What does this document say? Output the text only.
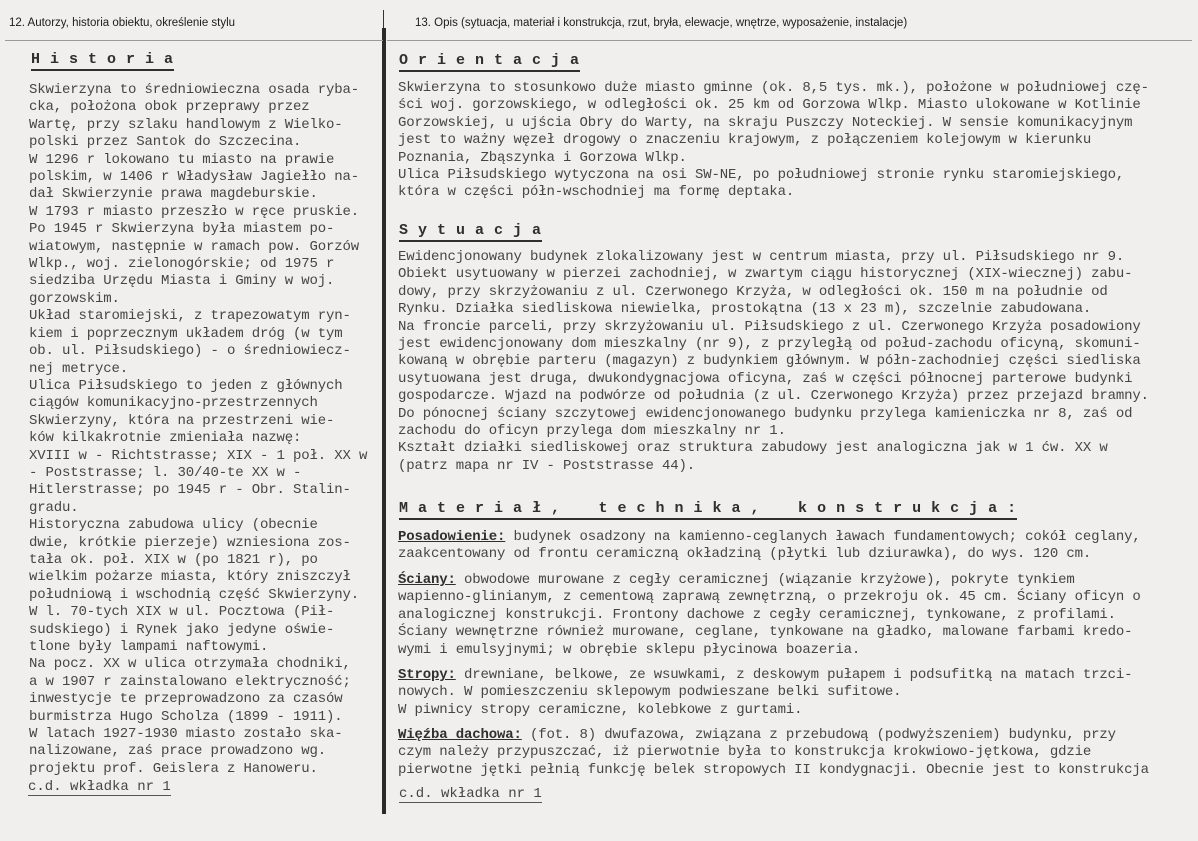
12. Autorzy, historia obiektu, określenie stylu	13. Opis (sytuacja, materiał i konstrukcja, rzut, bryła, elewacje, wnętrze, wyposażenie, instalacje)
H i s t o r i a
Skwierzyna to średniowieczna osada ryba-
cka, położona obok przeprawy przez
Wartę, przy szlaku handlowym z Wielko-
polski przez Santok do Szczecina.
W 1296 r lokowano tu miasto na prawie
polskim, w 1406 r Władysław Jagiełło na-
dał Skwierzynie prawa magdeburskie.
W 1793 r miasto przeszło w ręce pruskie.
Po 1945 r Skwierzyna była miastem po-
wiatowym, następnie w ramach pow. Gorzów
Wlkp., woj. zielonogórskie; od 1975 r
siedziba Urzędu Miasta i Gminy w woj.
gorzowskim.
Układ staromiejski, z trapezowatym ryn-
kiem i poprzecznym układem dróg (w tym
ob. ul. Piłsudskiego) - o średniowiecz-
nej metryce.
Ulica Piłsudskiego to jeden z głównych
ciągów komunikacyjno-przestrzennych
Skwierzyny, która na przestrzeni wie-
ków kilkakrotnie zmieniała nazwę:
XVIII w - Richtstrasse; XIX - 1 poł. XX w
- Poststrasse; l. 30/40-te XX w -
Hitlerstrasse; po 1945 r - Obr. Stalin-
gradu.
Historyczna zabudowa ulicy (obecnie
dwie, krótkie pierzeje) wzniesiona zos-
tała ok. poł. XIX w (po 1821 r), po
wielkim pożarze miasta, który zniszczył
południową i wschodnią część Skwierzyny.
W l. 70-tych XIX w ul. Pocztowa (Pił-
sudskiego) i Rynek jako jedyne oświe-
tlone były lampami naftowymi.
Na pocz. XX w ulica otrzymała chodniki,
a w 1907 r zainstalowano elektryczność;
inwestycje te przeprowadzono za czasów
burmistrza Hugo Scholza (1899 - 1911).
W latach 1927-1930 miasto zostało ska-
nalizowane, zaś prace prowadzono wg.
projektu prof. Geislera z Hanoweru.
c.d. wkładka nr 1
O r i e n t a c j a
Skwierzyna to stosunkowo duże miasto gminne (ok. 8,5 tys. mk.), położone w południowej czę-
ści woj. gorzowskiego, w odległości ok. 25 km od Gorzowa Wlkp. Miasto ulokowane w Kotlinie
Gorzowskiej, u ujścia Obry do Warty, na skraju Puszczy Noteckiej. W sensie komunikacyjnym
jest to ważny węzeł drogowy o znaczeniu krajowym, z połączeniem kolejowym w kierunku
Poznania, Zbąszynka i Gorzowa Wlkp.
Ulica Piłsudskiego wytyczona na osi SW-NE, po południowej stronie rynku staromiejskiego,
która w części półn-wschodniej ma formę deptaka.
S y t u a c j a
Ewidencjonowany budynek zlokalizowany jest w centrum miasta, przy ul. Piłsudskiego nr 9.
Obiekt usytuowany w pierzei zachodniej, w zwartym ciągu historycznej (XIX-wiecznej) zabu-
dowy, przy skrzyżowaniu z ul. Czerwonego Krzyża, w odległości ok. 150 m na południe od
Rynku. Działka siedliskowa niewielka, prostokątna (13 x 23 m), szczelnie zabudowana.
Na froncie parceli, przy skrzyżowaniu ul. Piłsudskiego z ul. Czerwonego Krzyża posadowiony
jest ewidencjonowany dom mieszkalny (nr 9), z przyległą od połud-zachodu oficyną, skomuni-
kowaną w obrębie parteru (magazyn) z budynkiem głównym. W półn-zachodniej części siedliska
usytuowana jest druga, dwukondygnacjowa oficyna, zaś w części północnej parterowe budynki
gospodarcze. Wjazd na podwórze od południa (z ul. Czerwonego Krzyża) przez przejazd bramny.
Do pónocnej ściany szczytowej ewidencjonowanego budynku przylega kamieniczka nr 8, zaś od
zachodu do oficyn przylega dom mieszkalny nr 1.
Kształt działki siedliskowej oraz struktura zabudowy jest analogiczna jak w 1 ćw. XX w
(patrz mapa nr IV - Poststrasse 44).
M a t e r i a ł ,    t e c h n i k a ,    k o n s t r u k c j a :
Posadowienie: budynek osadzony na kamienno-ceglanych ławach fundamentowych; cokół ceglany,
zaakcentowany od frontu ceramiczną okładziną (płytki lub dziurawka), do wys. 120 cm.
Ściany: obwodowe murowane z cegły ceramicznej (wiązanie krzyżowe), pokryte tynkiem
wapienno-glinianym, z cementową zaprawą zewnętrzną, o przekroju ok. 45 cm. Ściany oficyn o
analogicznej konstrukcji. Frontony dachowe z cegły ceramicznej, tynkowane, z profilami.
Ściany wewnętrzne również murowane, ceglane, tynkowane na gładko, malowane farbami kredo-
wymi i emulsyjnymi; w obrębie sklepu płycinowa boazeria.
Stropy: drewniane, belkowe, ze wsuwkami, z deskowym pułapem i podsufitką na matach trzci-
nowych. W pomieszczeniu sklepowym podwieszane belki sufitowe.
W piwnicy stropy ceramiczne, kolebkowe z gurtami.
Więźba dachowa: (fot. 8) dwufazowa, związana z przebudową (podwyższeniem) budynku, przy
czym należy przypuszczać, iż pierwotnie była to konstrukcja krokwiowo-jętkowa, gdzie
pierwotne jętki pełnią funkcję belek stropowych II kondygnacji. Obecnie jest to konstrukcja
c.d. wkładka nr 1
